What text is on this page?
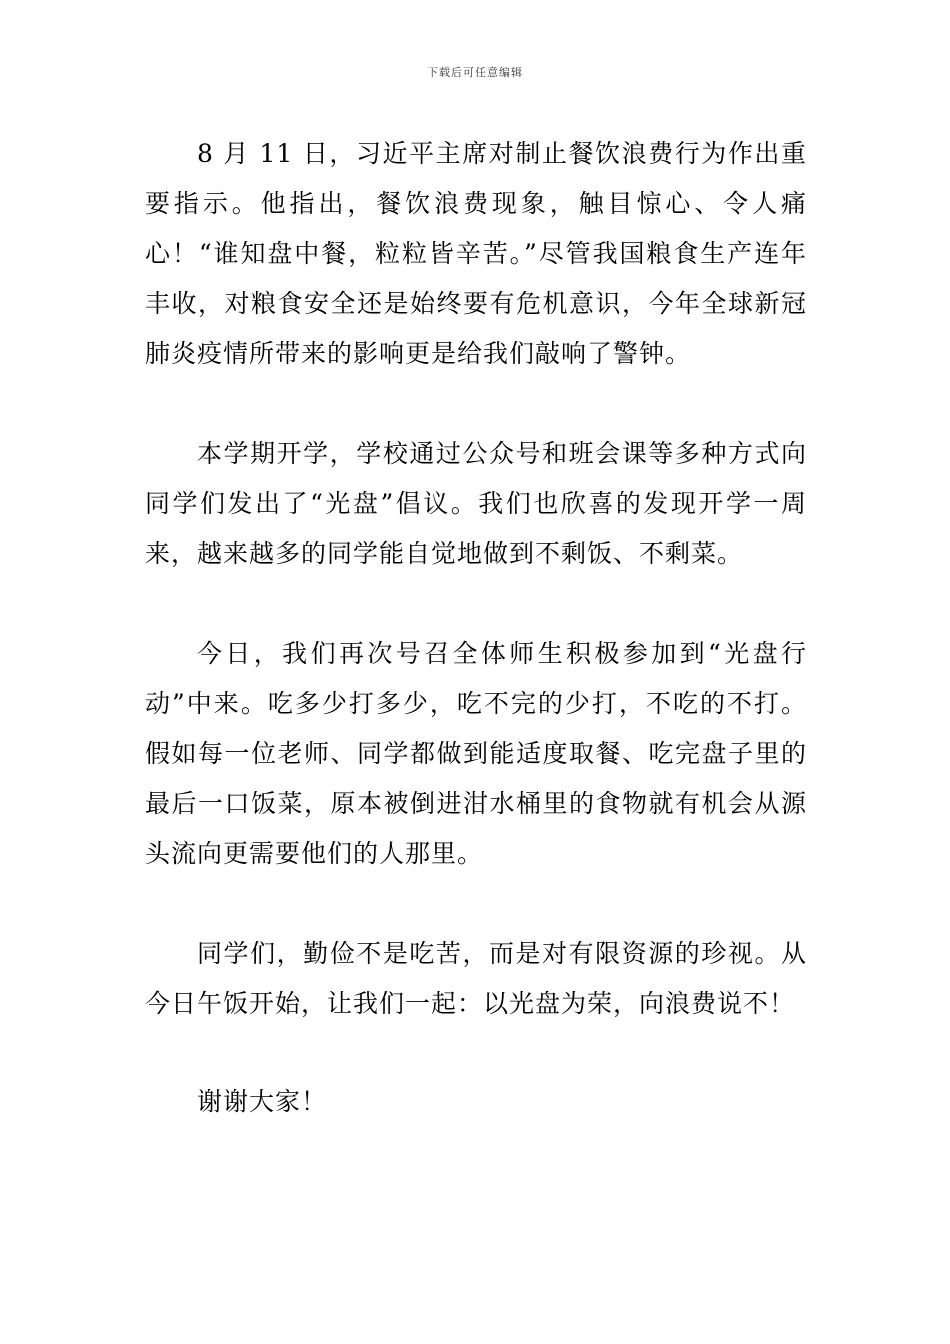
下载后可任意编辑

8 月 11 日，习近平主席对制止餐饮浪费行为作出重要指示。他指出，餐饮浪费现象，触目惊心、令人痛心！“谁知盘中餐，粒粒皆辛苦。”尽管我国粮食生产连年丰收，对粮食安全还是始终要有危机意识，今年全球新冠肺炎疫情所带来的影响更是给我们敲响了警钟。

本学期开学，学校通过公众号和班会课等多种方式向同学们发出了“光盘”倡议。我们也欣喜的发现开学一周来，越来越多的同学能自觉地做到不剩饭、不剩菜。

今日，我们再次号召全体师生积极参加到“光盘行动”中来。吃多少打多少，吃不完的少打，不吃的不打。假如每一位老师、同学都做到能适度取餐、吃完盘子里的最后一口饭菜，原本被倒进泔水桶里的食物就有机会从源头流向更需要他们的人那里。

同学们，勤俭不是吃苦，而是对有限资源的珍视。从今日午饭开始，让我们一起：以光盘为荣，向浪费说不！

谢谢大家！
